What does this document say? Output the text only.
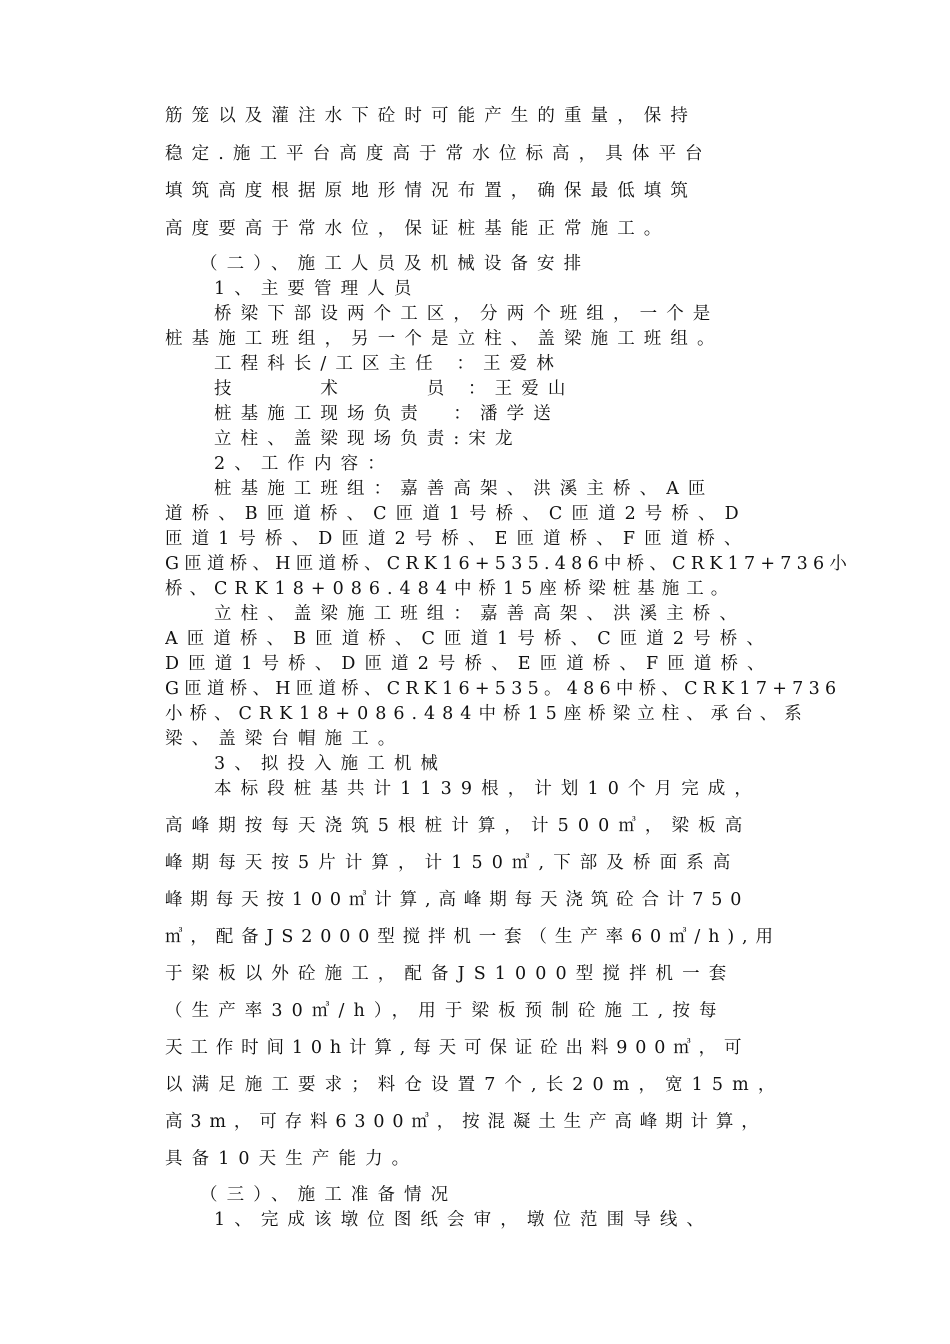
筋笼以及灌注水下砼时可能产生的重量，保持
稳定.施工平台高度高于常水位标高，具体平台
填筑高度根据原地形情况布置，确保最低填筑
高度要高于常水位，保证桩基能正常施工。
（二）、施工人员及机械设备安排
1、主要管理人员
桥梁下部设两个工区，分两个班组，一个是
桩基施工班组，另一个是立柱、盖梁施工班组。
工程科长/工区主任 ：王爱林
技　　　术　　　员 ：王爱山
桩基施工现场负责　：潘学送
立柱、盖梁现场负责:宋龙
2、工作内容：
桩基施工班组：嘉善高架、洪溪主桥、A匝
道桥、B匝道桥、C匝道1号桥、C匝道2号桥、D
匝道1号桥、D匝道2号桥、E匝道桥、F匝道桥、
G匝道桥、H匝道桥、CRK16+535.486中桥、CRK17+736小
桥、CRK18+086.484中桥15座桥梁桩基施工。
立柱、盖梁施工班组：嘉善高架、洪溪主桥、
A匝道桥、B匝道桥、C匝道1号桥、C匝道2号桥、
D匝道1号桥、D匝道2号桥、E匝道桥、F匝道桥、
G匝道桥、H匝道桥、CRK16+535。486中桥、CRK17+736
小桥、CRK18+086.484中桥15座桥梁立柱、承台、系
梁、盖梁台帽施工。
3、拟投入施工机械
本标段桩基共计1139根，计划10个月完成，
高峰期按每天浇筑5根桩计算，计500㎥，梁板高
峰期每天按5片计算，计150㎥,下部及桥面系高
峰期每天按100㎥计算,高峰期每天浇筑砼合计750
㎥，配备JS2000型搅拌机一套（生产率60㎥/h),用
于梁板以外砼施工，配备JS1000型搅拌机一套
（生产率30㎥/h），用于梁板预制砼施工,按每
天工作时间10h计算,每天可保证砼出料900㎥，可
以满足施工要求；料仓设置7个,长20m，宽15m，
高3m，可存料6300㎥，按混凝土生产高峰期计算，
具备10天生产能力。
（三）、施工准备情况
1、完成该墩位图纸会审，墩位范围导线、
